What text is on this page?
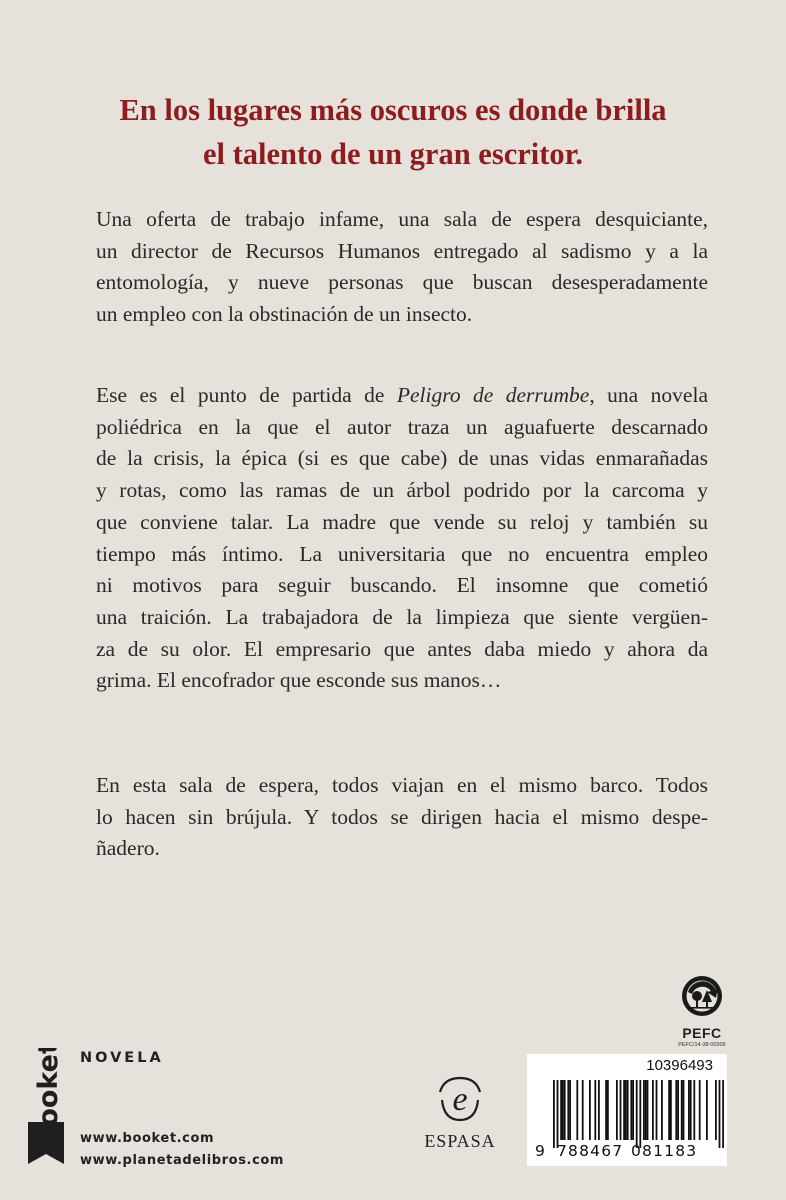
En los lugares más oscuros es donde brilla
el talento de un gran escritor.
Una oferta de trabajo infame, una sala de espera desquiciante,
un director de Recursos Humanos entregado al sadismo y a la
entomología, y nueve personas que buscan desesperadamente
un empleo con la obstinación de un insecto.
Ese es el punto de partida de Peligro de derrumbe, una novela
poliédrica en la que el autor traza un aguafuerte descarnado
de la crisis, la épica (si es que cabe) de unas vidas enmarañadas
y rotas, como las ramas de un árbol podrido por la carcoma y
que conviene talar. La madre que vende su reloj y también su
tiempo más íntimo. La universitaria que no encuentra empleo
ni motivos para seguir buscando. El insomne que cometió
una traición. La trabajadora de la limpieza que siente vergüen-
za de su olor. El empresario que antes daba miedo y ahora da
grima. El encofrador que esconde sus manos…
En esta sala de espera, todos viajan en el mismo barco. Todos
lo hacen sin brújula. Y todos se dirigen hacia el mismo despe-
ñadero.
PEFC
PEFC/14-38-00305
booket NOVELA
www.booket.com
www.planetadelibros.com
e
ESPASA
10396493
9 788467 081183
